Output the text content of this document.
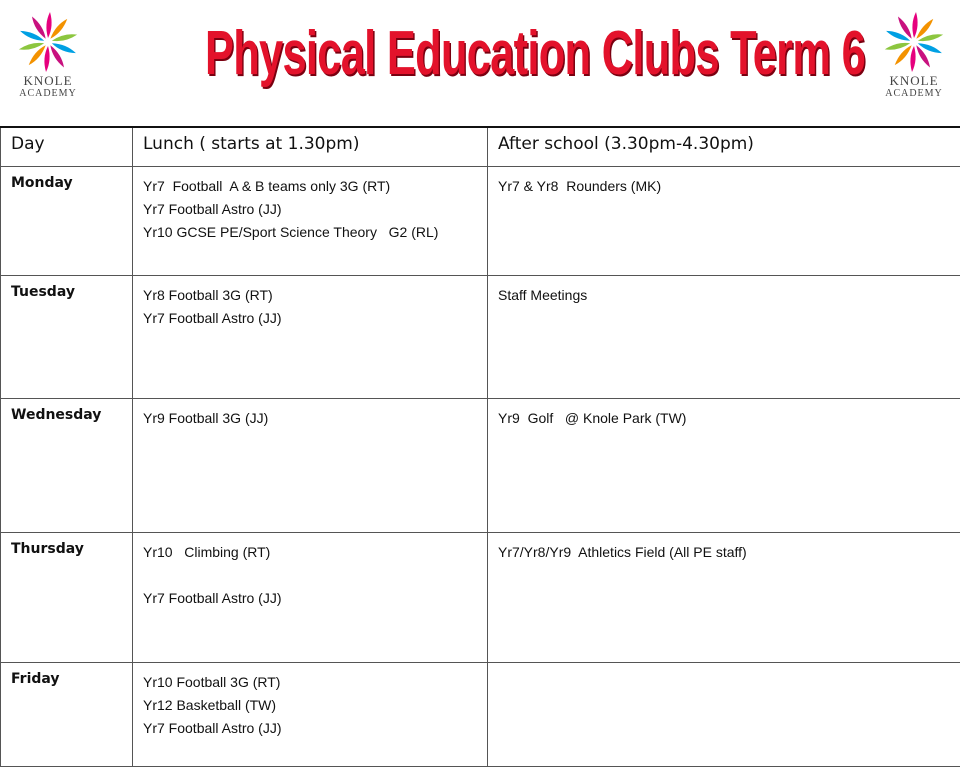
KNOLE
ACADEMY
Physical Education Clubs Term 6	KNOLE
ACADEMY
Day	Lunch ( starts at 1.30pm)	After school (3.30pm-4.30pm)
Monday	Yr7  Football  A & B teams only 3G (RT)
Yr7 Football Astro (JJ)
Yr10 GCSE PE/Sport Science Theory   G2 (RL)	Yr7 & Yr8  Rounders (MK)

Tuesday	Yr8 Football 3G (RT)
Yr7 Football Astro (JJ)	Staff Meetings

Wednesday	Yr9 Football 3G (JJ)	Yr9  Golf   @ Knole Park (TW)

Thursday	Yr10   Climbing (RT)
Yr7 Football Astro (JJ)	Yr7/Yr8/Yr9  Athletics Field (All PE staff)

Friday	Yr10 Football 3G (RT)
Yr12 Basketball (TW)
Yr7 Football Astro (JJ)	
